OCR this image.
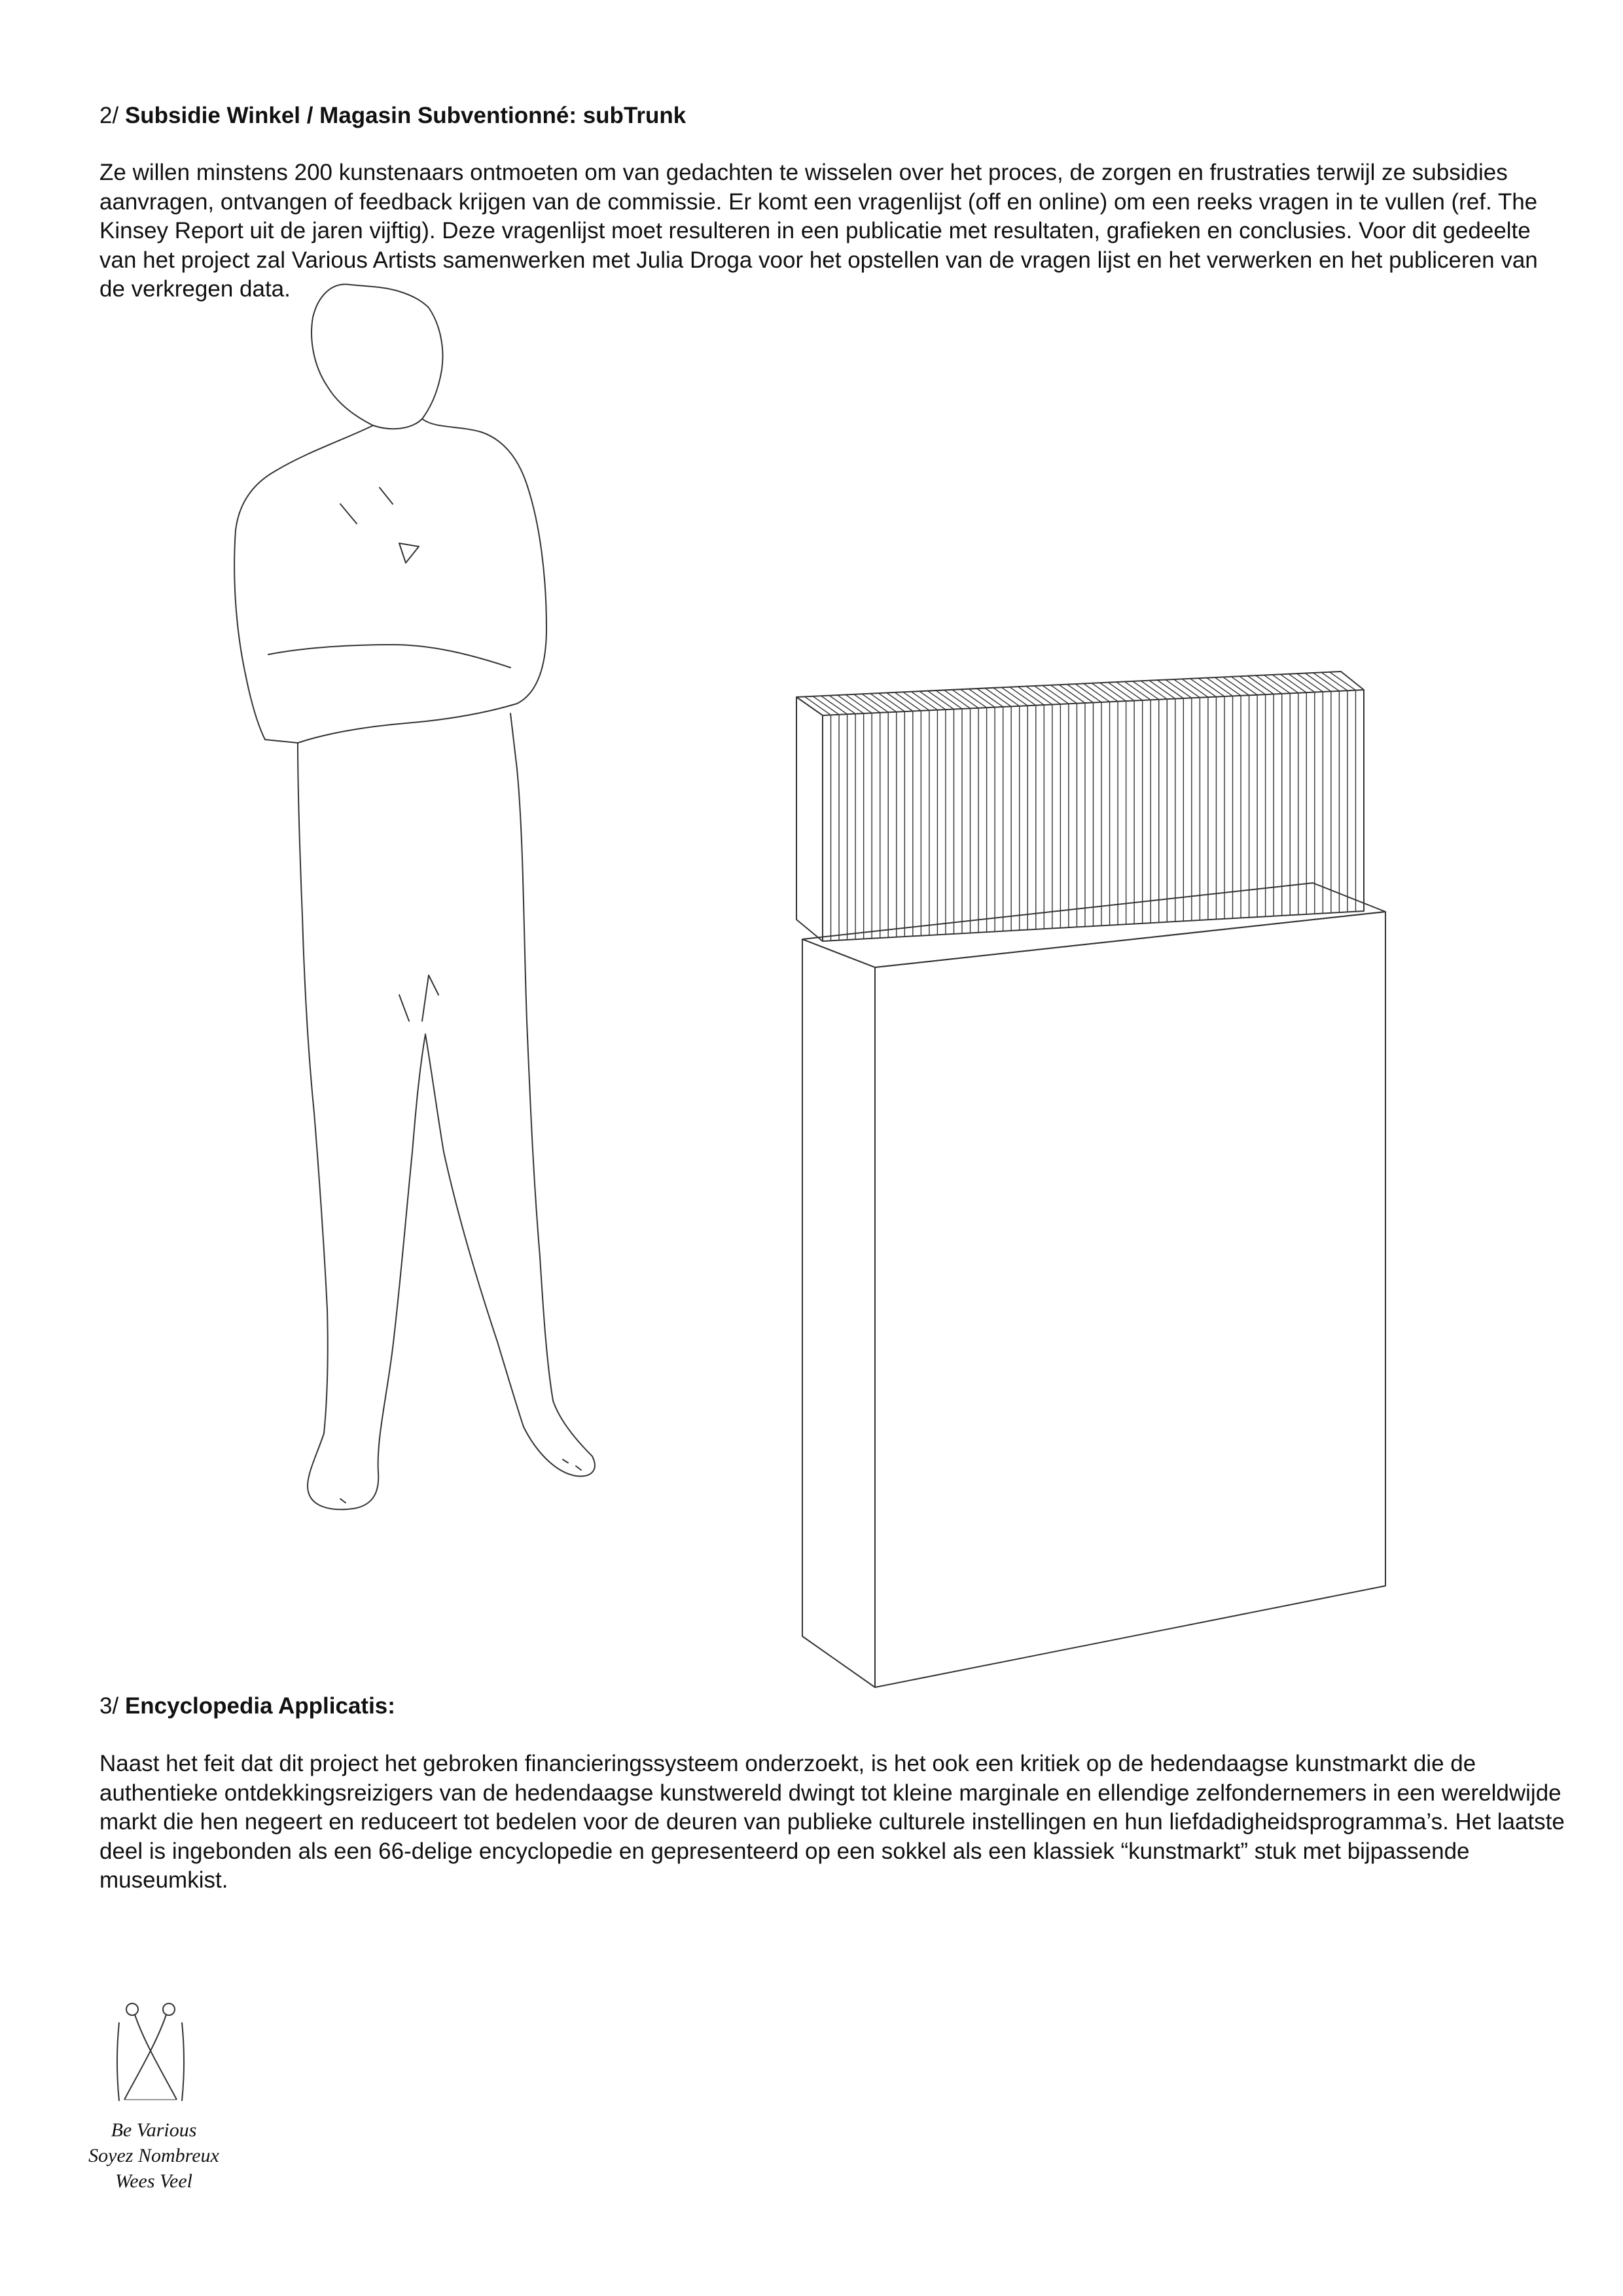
2/ Subsidie Winkel / Magasin Subventionné: subTrunk

Ze willen minstens 200 kunstenaars ontmoeten om van gedachten te wisselen over het proces, de zorgen en frustraties terwijl ze subsidies aanvragen, ontvangen of feedback krijgen van de commissie. Er komt een vragenlijst (off en online) om een reeks vragen in te vullen (ref. The Kinsey Report uit de jaren vijftig). Deze vragenlijst moet resulteren in een publicatie met resultaten, grafieken en conclusies. Voor dit gedeelte van het project zal Various Artists samenwerken met Julia Droga voor het opstellen van de vragen lijst en het verwerken en het publiceren van de verkregen data.

3/ Encyclopedia Applicatis:

Naast het feit dat dit project het gebroken financieringssysteem onderzoekt, is het ook een kritiek op de hedendaagse kunstmarkt die de authentieke ontdekkingsreizigers van de hedendaagse kunstwereld dwingt tot kleine marginale en ellendige zelfondernemers in een wereldwijde markt die hen negeert en reduceert tot bedelen voor de deuren van publieke culturele instellingen en hun liefdadigheidsprogramma’s. Het laatste deel is ingebonden als een 66-delige encyclopedie en gepresenteerd op een sokkel als een klassiek “kunstmarkt” stuk met bijpassende museumkist.

Be Various
Soyez Nombreux
Wees Veel
